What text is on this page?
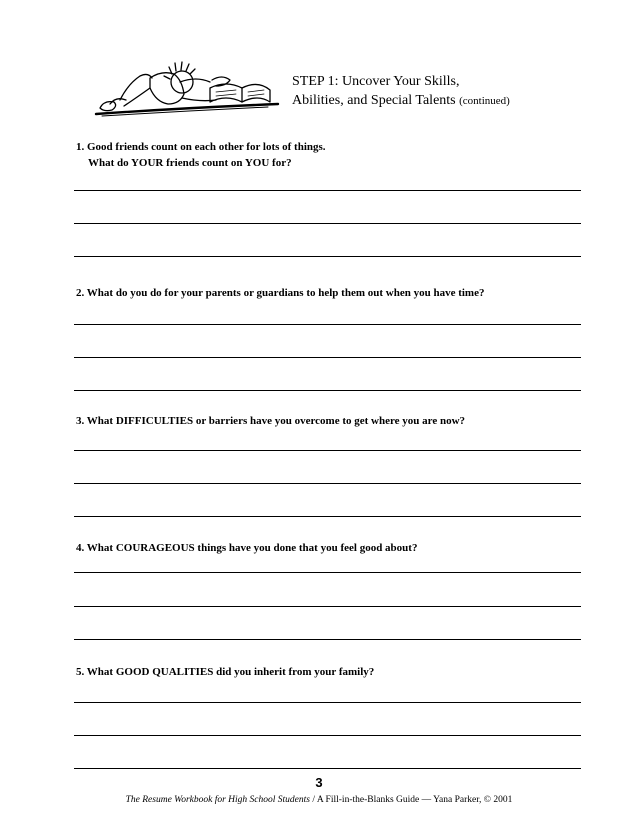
STEP 1: Uncover Your Skills,
Abilities, and Special Talents (continued)
1. Good friends count on each other for lots of things.
What do YOUR friends count on YOU for?
2. What do you do for your parents or guardians to help them out when you have time?
3. What DIFFICULTIES or barriers have you overcome to get where you are now?
4. What COURAGEOUS things have you done that you feel good about?
5. What GOOD QUALITIES did you inherit from your family?
3
The Resume Workbook for High School Students / A Fill-in-the-Blanks Guide — Yana Parker, © 2001
